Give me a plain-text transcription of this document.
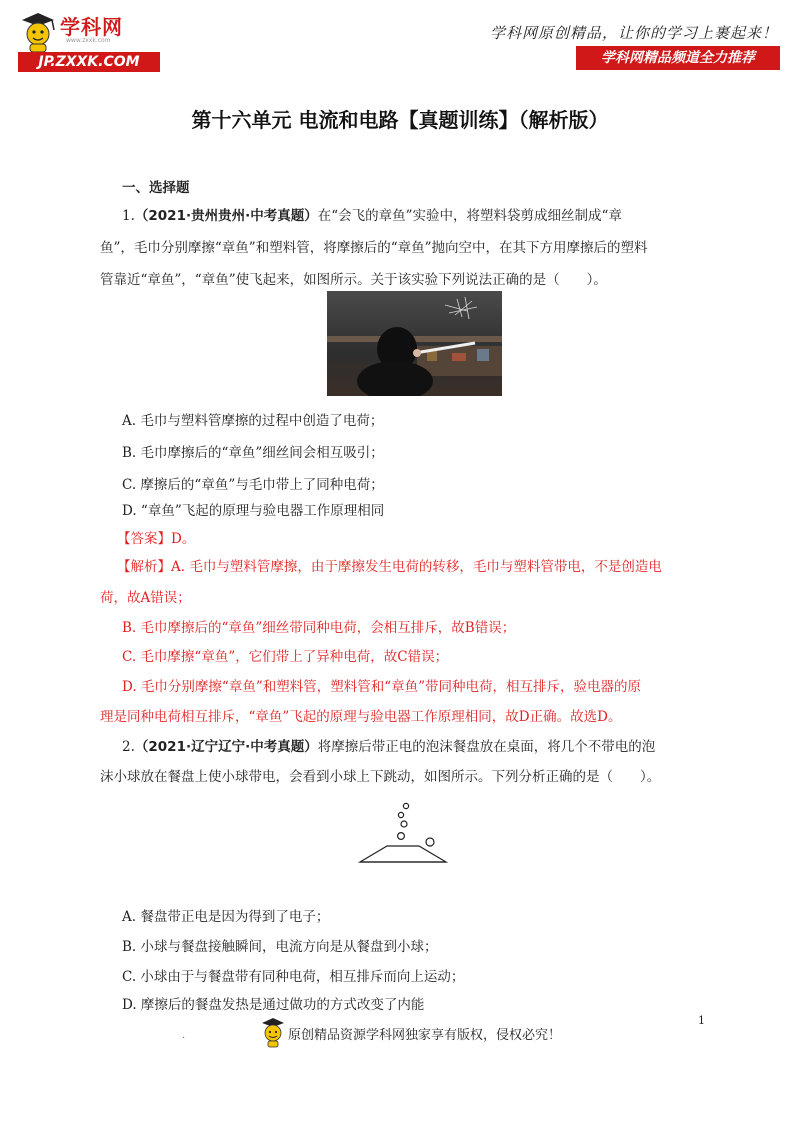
学科网
www.zxxk.com
JP.ZXXK.COM
学科网原创精品，让你的学习上裹起来！
学科网精品频道全力推荐
第十六单元 电流和电路【真题训练】（解析版）
一、选择题
1.（2021·贵州贵州·中考真题）在“会飞的章鱼”实验中，将塑料袋剪成细丝制成“章
鱼”，毛巾分别摩擦“章鱼”和塑料管，将摩擦后的“章鱼”抛向空中，在其下方用摩擦后的塑料
管靠近“章鱼”，“章鱼”使飞起来，如图所示。关于该实验下列说法正确的是（　　）。
A. 毛巾与塑料管摩擦的过程中创造了电荷；
B. 毛巾摩擦后的“章鱼”细丝间会相互吸引；
C. 摩擦后的“章鱼”与毛巾带上了同种电荷；
D. “章鱼”飞起的原理与验电器工作原理相同
【答案】D。
【解析】A. 毛巾与塑料管摩擦，由于摩擦发生电荷的转移，毛巾与塑料管带电，不是创造电
荷，故A错误；
B. 毛巾摩擦后的“章鱼”细丝带同种电荷，会相互排斥，故B错误；
C. 毛巾摩擦“章鱼”，它们带上了异种电荷，故C错误；
D. 毛巾分别摩擦“章鱼”和塑料管，塑料管和“章鱼”带同种电荷，相互排斥，验电器的原
理是同种电荷相互排斥，“章鱼”飞起的原理与验电器工作原理相同，故D正确。故选D。
2.（2021·辽宁辽宁·中考真题）将摩擦后带正电的泡沫餐盘放在桌面，将几个不带电的泡
沫小球放在餐盘上使小球带电，会看到小球上下跳动，如图所示。下列分析正确的是（　　）。
A. 餐盘带正电是因为得到了电子；
B. 小球与餐盘接触瞬间，电流方向是从餐盘到小球；
C. 小球由于与餐盘带有同种电荷，相互排斥而向上运动；
D. 摩擦后的餐盘发热是通过做功的方式改变了内能
1
.	原创精品资源学科网独家享有版权，侵权必究！
